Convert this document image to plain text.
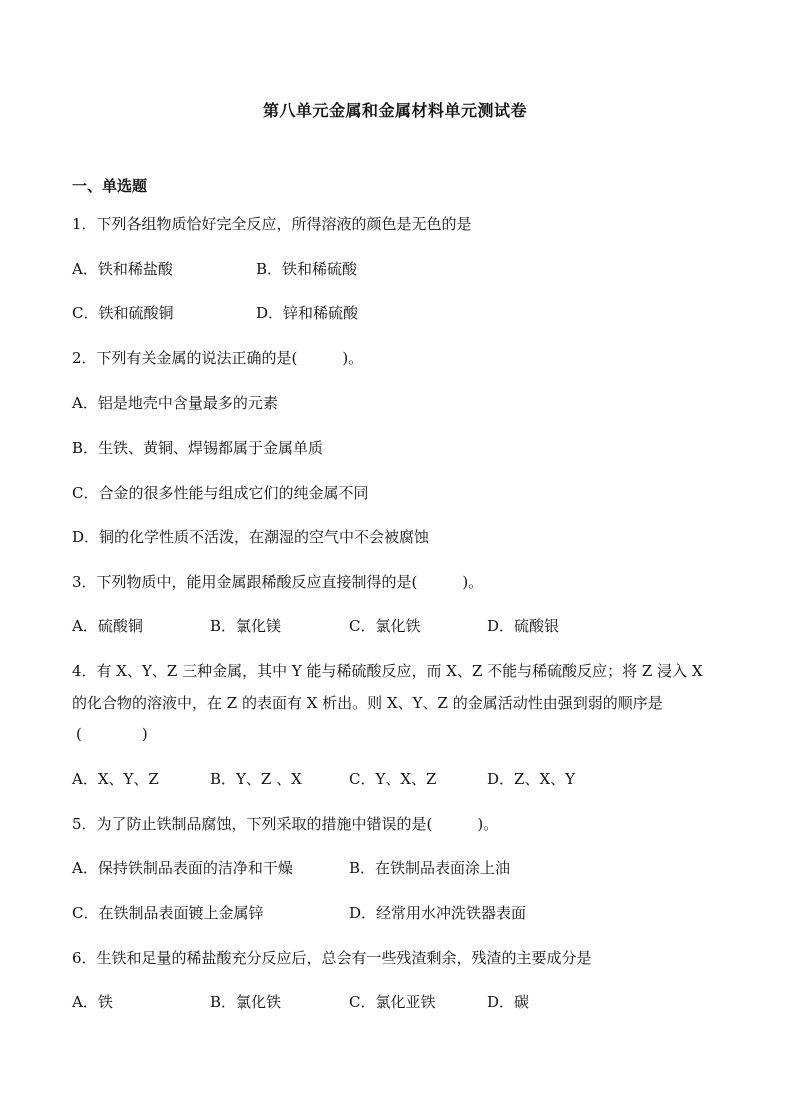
第八单元金属和金属材料单元测试卷
一、单选题
1．下列各组物质恰好完全反应，所得溶液的颜色是无色的是
A．铁和稀盐酸	B．铁和稀硫酸
C．铁和硫酸铜	D．锌和稀硫酸
2．下列有关金属的说法正确的是(　　　)。
A．铝是地壳中含量最多的元素
B．生铁、黄铜、焊锡都属于金属单质
C．合金的很多性能与组成它们的纯金属不同
D．铜的化学性质不活泼，在潮湿的空气中不会被腐蚀
3．下列物质中，能用金属跟稀酸反应直接制得的是(　　　)。
A．硫酸铜	B．氯化镁	C．氯化铁	D．硫酸银
4．有 X、Y、Z 三种金属，其中 Y 能与稀硫酸反应，而 X、Z 不能与稀硫酸反应；将 Z 浸入 X
的化合物的溶液中，在 Z 的表面有 X 析出。则 X、Y、Z 的金属活动性由强到弱的顺序是
(　　　　)
A．X、Y、Z	B．Y、Z 、X	C．Y、X、Z	D．Z、X、Y
5．为了防止铁制品腐蚀，下列采取的措施中错误的是(　　　)。
A．保持铁制品表面的洁净和干燥	B．在铁制品表面涂上油
C．在铁制品表面镀上金属锌	D．经常用水冲洗铁器表面
6．生铁和足量的稀盐酸充分反应后，总会有一些残渣剩余，残渣的主要成分是
A．铁	B．氯化铁	C．氯化亚铁	D．碳
